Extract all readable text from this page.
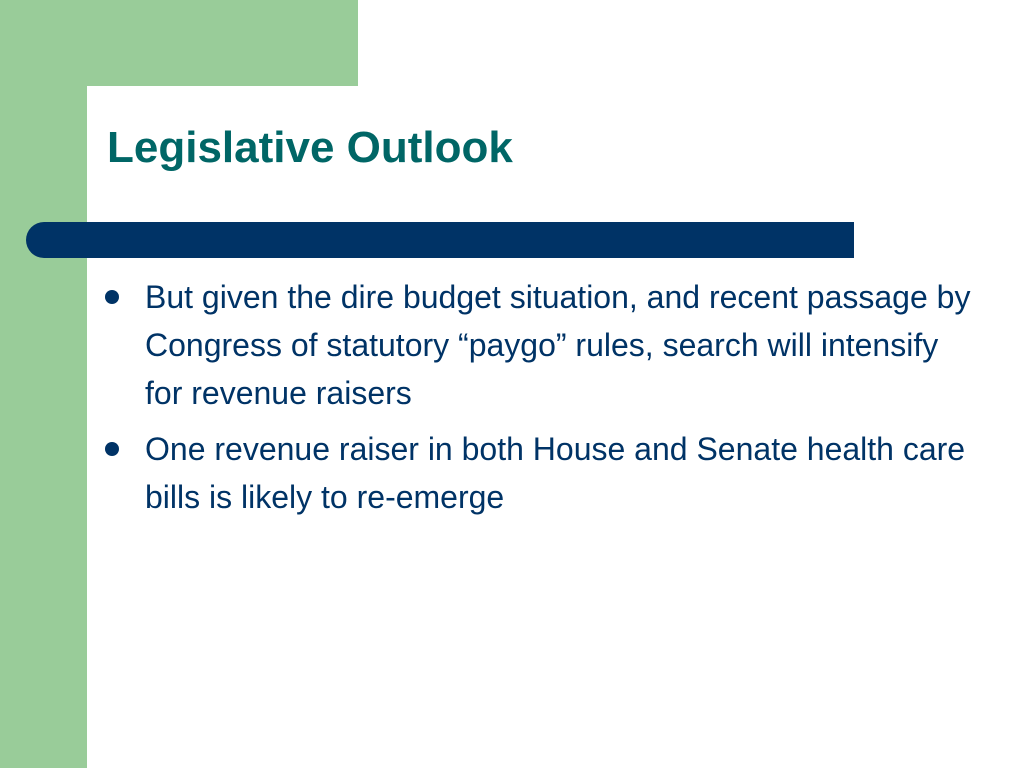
Legislative Outlook
But given the dire budget situation, and recent passage by Congress of statutory “paygo” rules, search will intensify for revenue raisers
One revenue raiser in both House and Senate health care bills is likely to re-emerge
